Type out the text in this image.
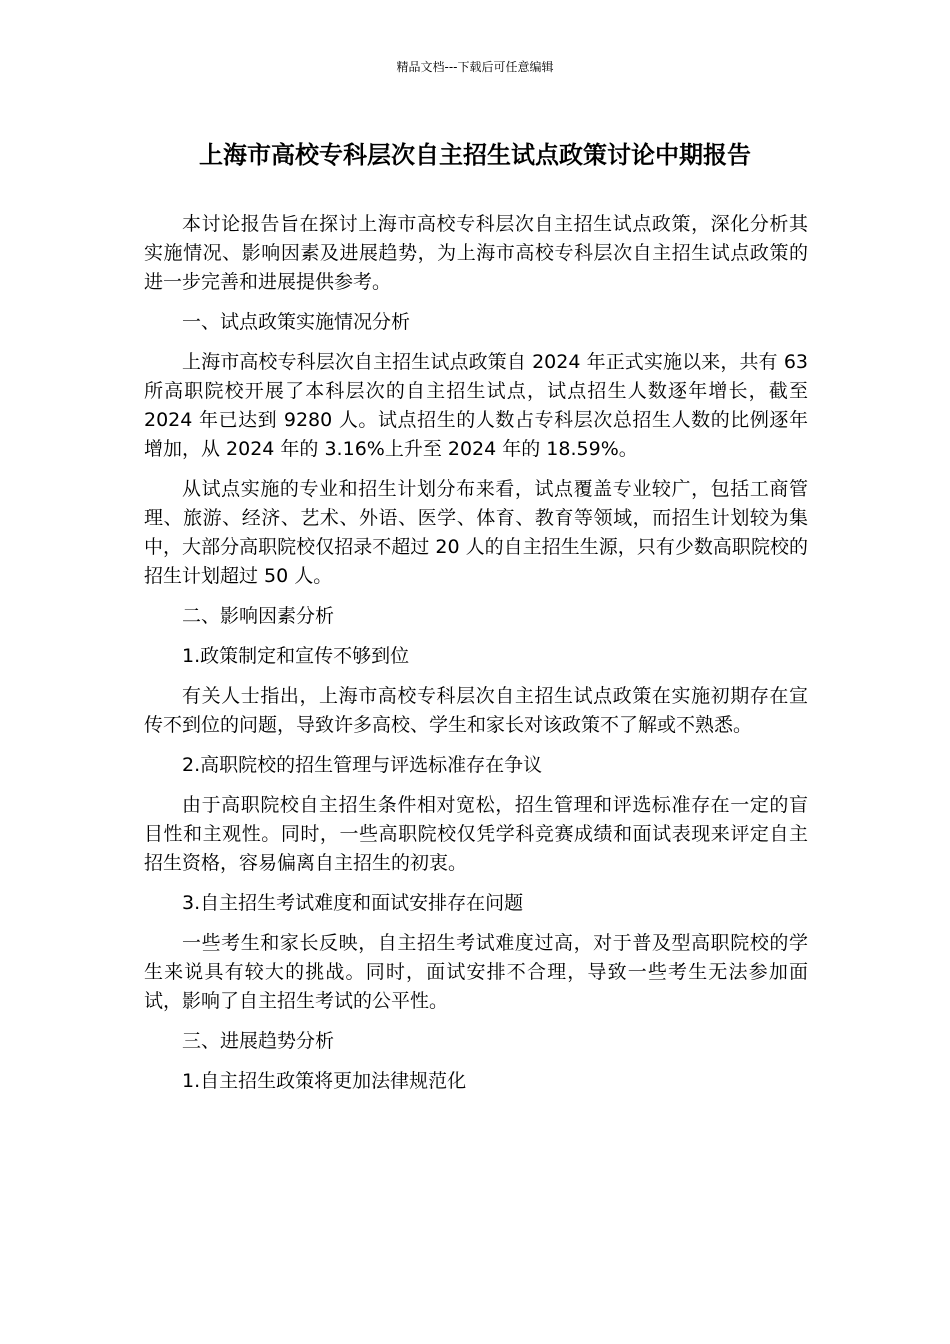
精品文档---下载后可任意编辑
上海市高校专科层次自主招生试点政策讨论中期报告

本讨论报告旨在探讨上海市高校专科层次自主招生试点政策，深化分析其实施情况、影响因素及进展趋势，为上海市高校专科层次自主招生试点政策的进一步完善和进展提供参考。

一、试点政策实施情况分析

上海市高校专科层次自主招生试点政策自 2024 年正式实施以来，共有 63 所高职院校开展了本科层次的自主招生试点，试点招生人数逐年增长，截至 2024 年已达到 9280 人。试点招生的人数占专科层次总招生人数的比例逐年增加，从 2024 年的 3.16%上升至 2024 年的 18.59%。

从试点实施的专业和招生计划分布来看，试点覆盖专业较广，包括工商管理、旅游、经济、艺术、外语、医学、体育、教育等领域，而招生计划较为集中，大部分高职院校仅招录不超过 20 人的自主招生生源，只有少数高职院校的招生计划超过 50 人。

二、影响因素分析

1.政策制定和宣传不够到位

有关人士指出，上海市高校专科层次自主招生试点政策在实施初期存在宣传不到位的问题，导致许多高校、学生和家长对该政策不了解或不熟悉。

2.高职院校的招生管理与评选标准存在争议

由于高职院校自主招生条件相对宽松，招生管理和评选标准存在一定的盲目性和主观性。同时，一些高职院校仅凭学科竞赛成绩和面试表现来评定自主招生资格，容易偏离自主招生的初衷。

3.自主招生考试难度和面试安排存在问题

一些考生和家长反映，自主招生考试难度过高，对于普及型高职院校的学生来说具有较大的挑战。同时，面试安排不合理，导致一些考生无法参加面试，影响了自主招生考试的公平性。

三、进展趋势分析

1.自主招生政策将更加法律规范化
